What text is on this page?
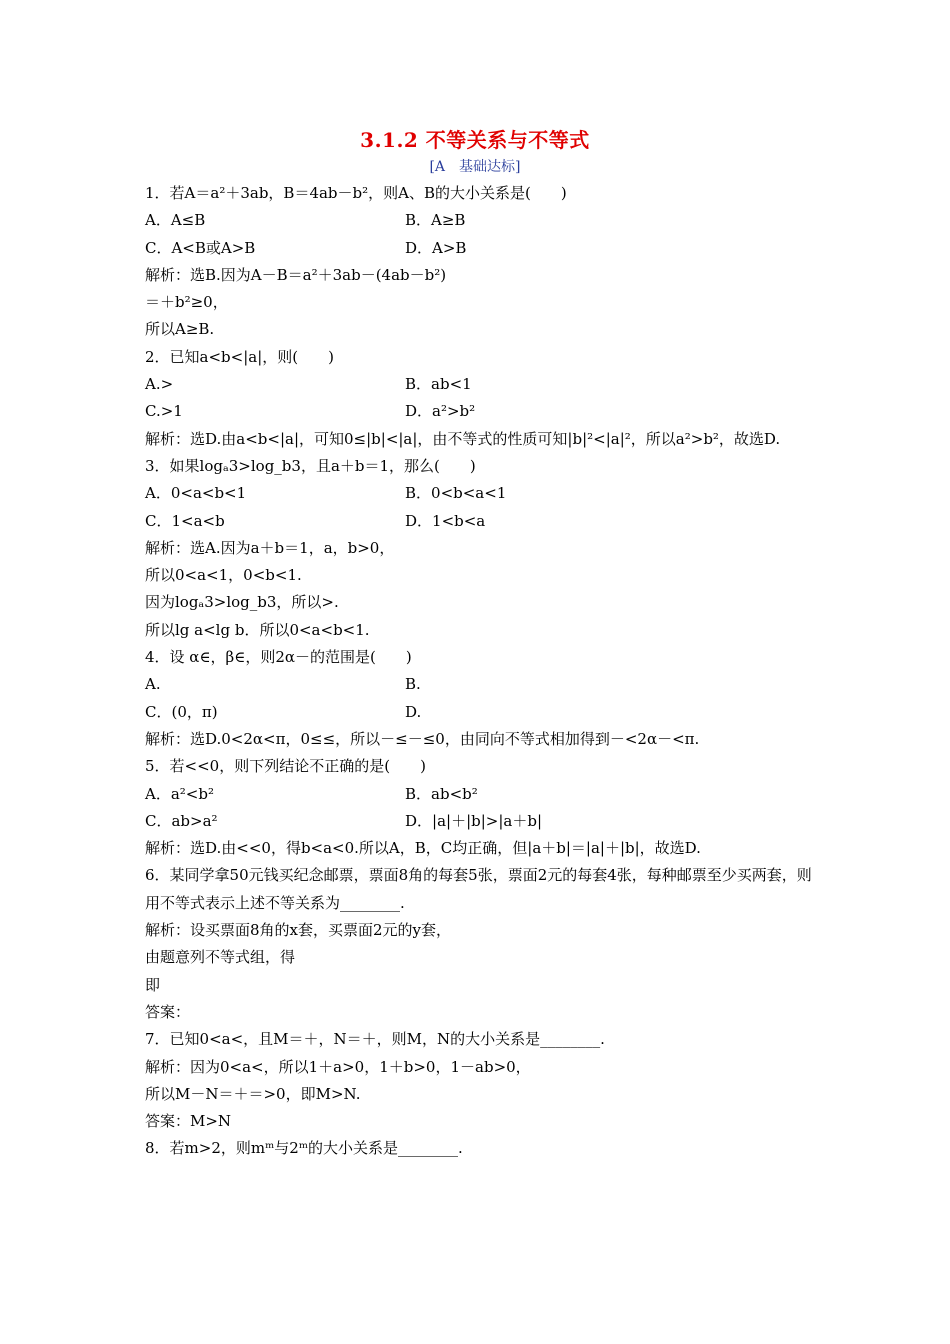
3.1.2 不等关系与不等式
[A　基础达标]
1．若A＝a²＋3ab，B＝4ab－b²，则A、B的大小关系是(　　)
A．A≤B	B．A≥B
C．A<B或A>B	D．A>B
解析：选B.因为A－B＝a²＋3ab－(4ab－b²)
＝＋b²≥0，
所以A≥B.
2．已知a<b<|a|，则(　　)
A.>	B．ab<1
C.>1	D．a²>b²
解析：选D.由a<b<|a|，可知0≤|b|<|a|，由不等式的性质可知|b|²<|a|²，所以a²>b²，故选D.
3．如果logₐ3>log_b3，且a＋b＝1，那么(　　)
A．0<a<b<1	B．0<b<a<1
C．1<a<b	D．1<b<a
解析：选A.因为a＋b＝1，a，b>0，
所以0<a<1，0<b<1.
因为logₐ3>log_b3，所以>.
所以lg a<lg b．所以0<a<b<1.
4．设 α∈，β∈，则2α－的范围是(　　)
A.	B.
C．(0，π)	D.
解析：选D.0<2α<π，0≤≤，所以－≤－≤0，由同向不等式相加得到－<2α－<π.
5．若<<0，则下列结论不正确的是(　　)
A．a²<b²	B．ab<b²
C．ab>a²	D．|a|＋|b|>|a＋b|
解析：选D.由<<0，得b<a<0.所以A，B，C均正确，但|a＋b|＝|a|＋|b|，故选D.
6．某同学拿50元钱买纪念邮票，票面8角的每套5张，票面2元的每套4张，每种邮票至少买两套，则用不等式表示上述不等关系为________.
解析：设买票面8角的x套，买票面2元的y套，
由题意列不等式组，得
即
答案：
7．已知0<a<，且M＝＋，N＝＋，则M，N的大小关系是________.
解析：因为0<a<，所以1＋a>0，1＋b>0，1－ab>0，
所以M－N＝＋＝>0，即M>N.
答案：M>N
8．若m>2，则mᵐ与2ᵐ的大小关系是________.
